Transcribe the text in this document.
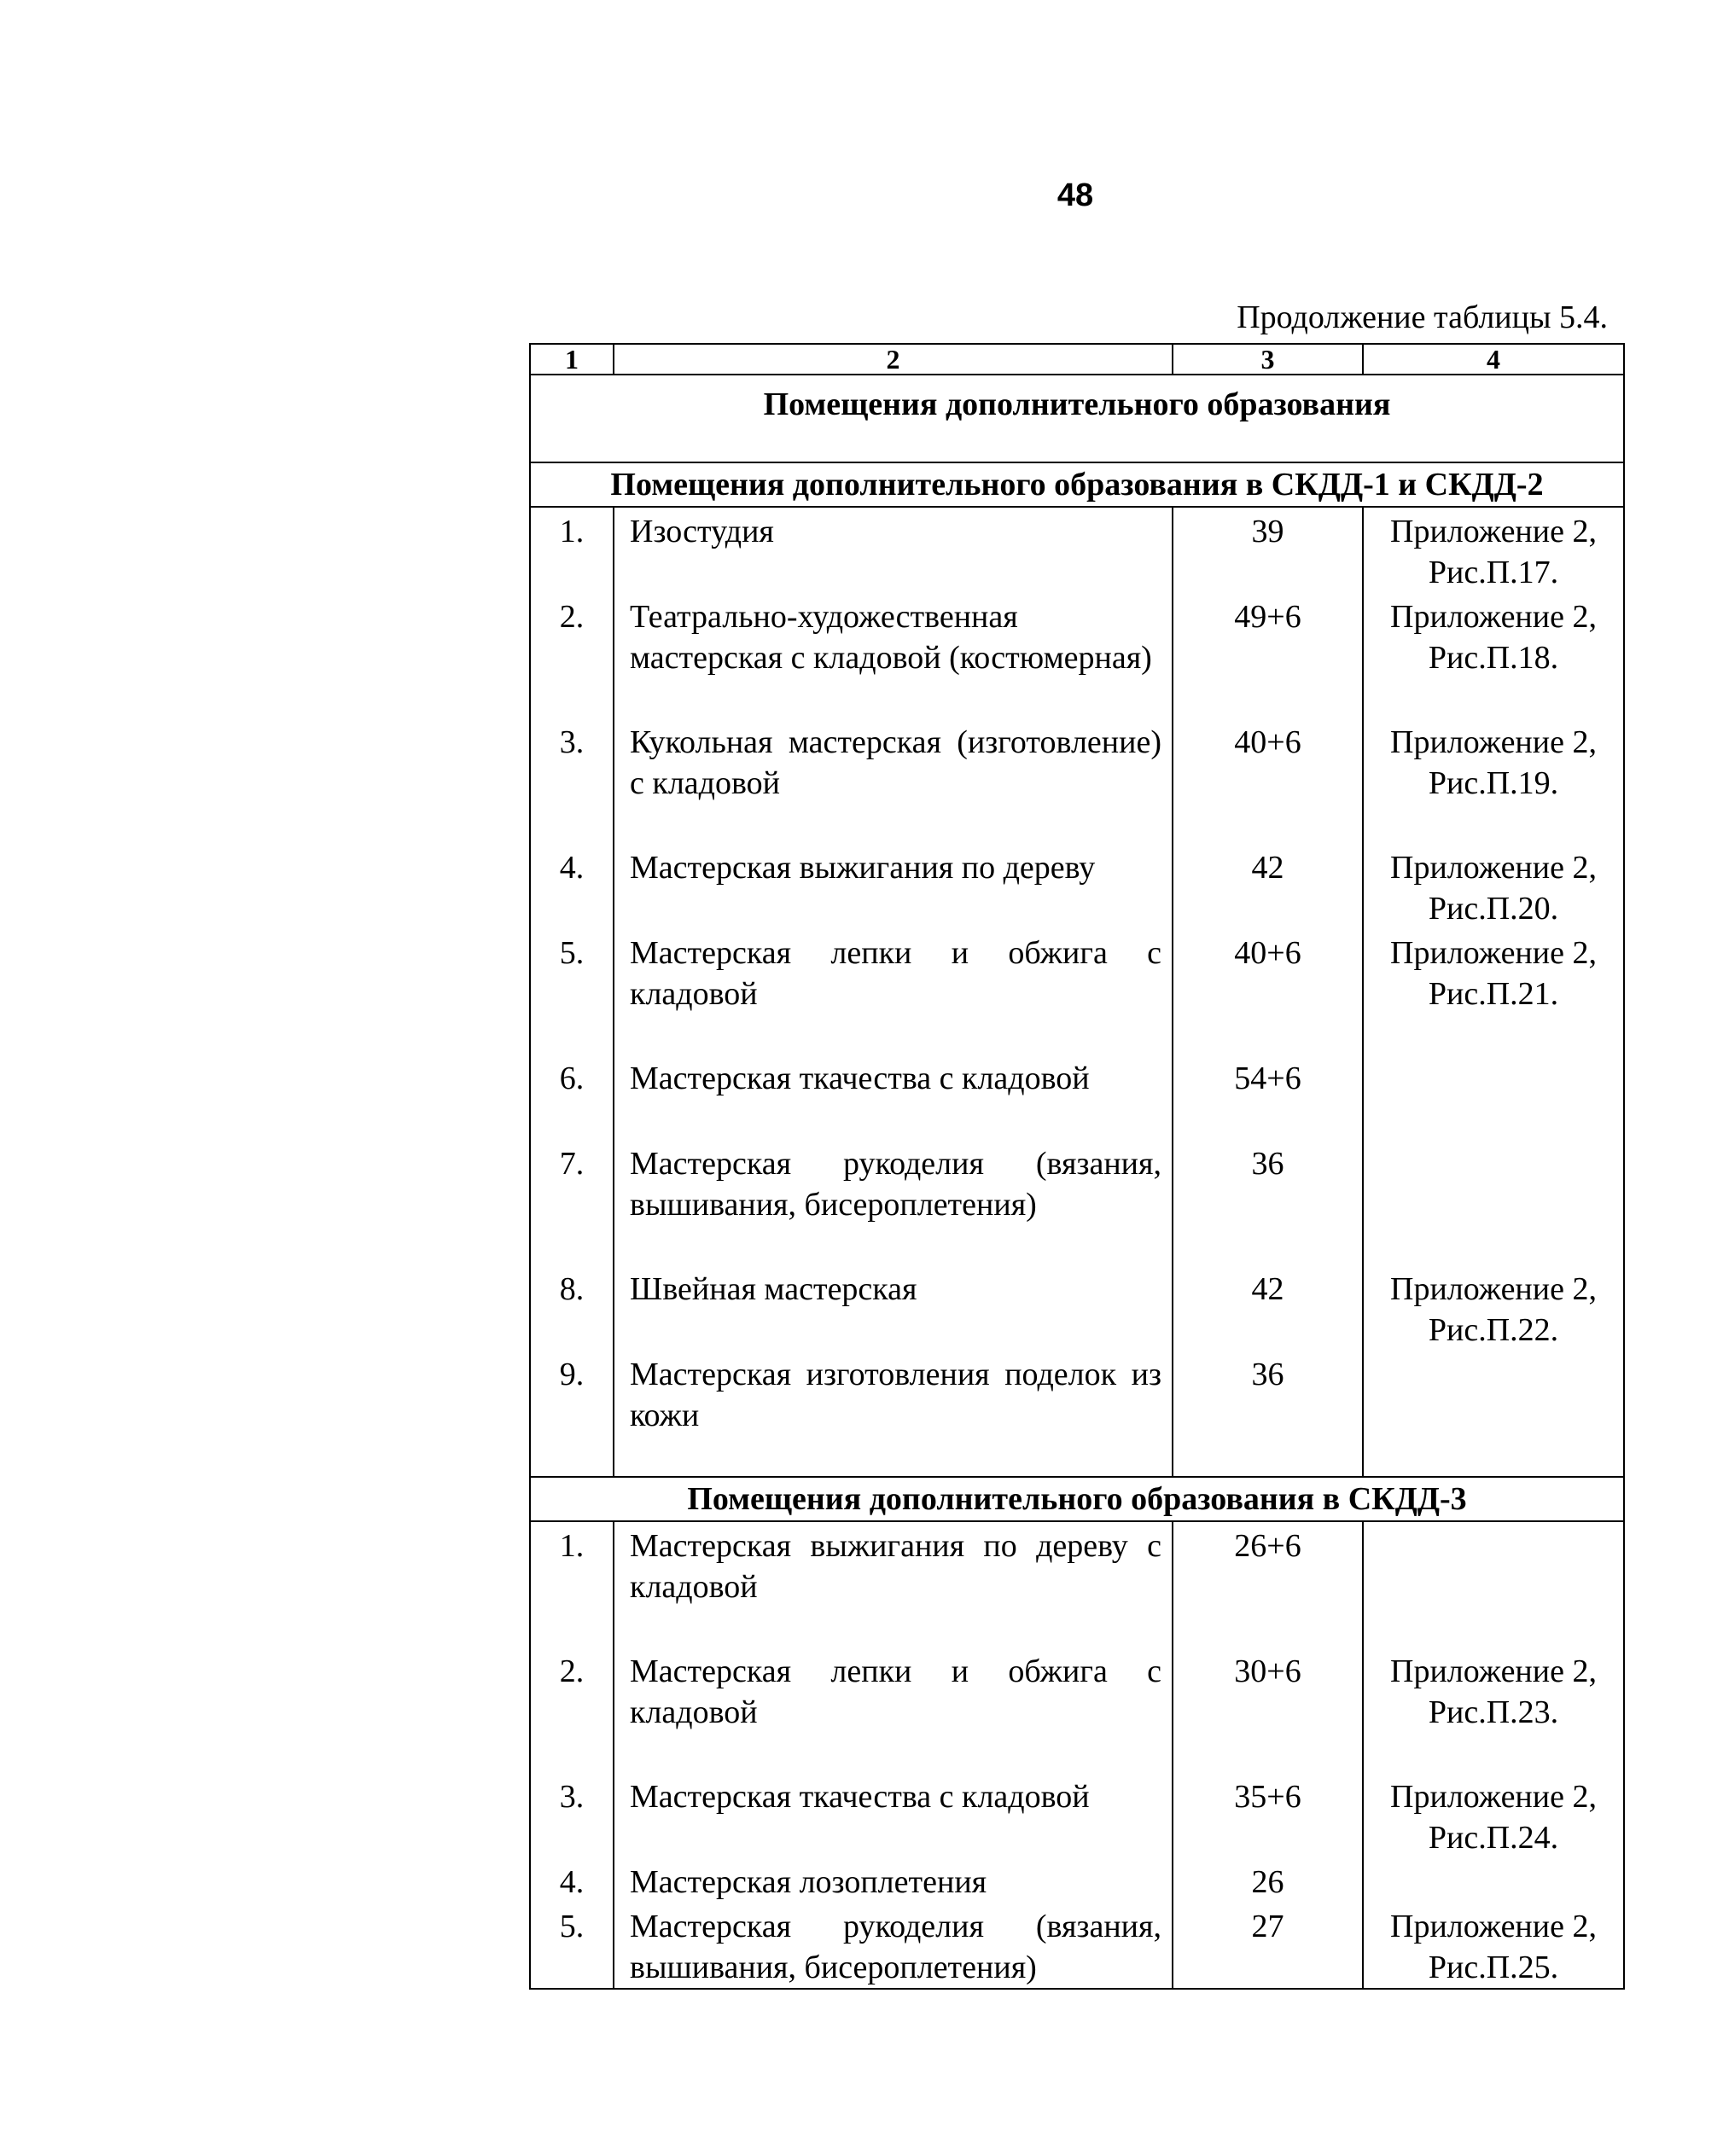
48
Продолжение таблицы 5.4.
1	2	3	4
Помещения дополнительного образования			
Помещения дополнительного образования в СКДД-1 и СКДД-2			
1.	Изостудия	39	Приложение 2,
Рис.П.17.

2.	Театрально-художественная мастерская с кладовой (костюмерная)	49+6	Приложение 2,
Рис.П.18.

3.	Кукольная мастерская (изготовление) с кладовой	40+6	Приложение 2,
Рис.П.19.

4.	Мастерская выжигания по дереву	42	Приложение 2,
Рис.П.20.

5.	Мастерская лепки и обжига с кладовой	40+6	Приложение 2,
Рис.П.21.

6.	Мастерская ткачества с кладовой	54+6	

7.	Мастерская рукоделия (вязания, вышивания, бисероплетения)	36	

8.	Швейная мастерская	42	Приложение 2,
Рис.П.22.

9.	Мастерская изготовления поделок из кожи	36	

Помещения дополнительного образования в СКДД-3			
1.	Мастерская выжигания по дереву с кладовой	26+6	

2.	Мастерская лепки и обжига с кладовой	30+6	Приложение 2,
Рис.П.23.

3.	Мастерская ткачества с кладовой	35+6	Приложение 2,
Рис.П.24.

4.	Мастерская лозоплетения	26	

5.	Мастерская рукоделия (вязания, вышивания, бисероплетения)	27	Приложение 2,
Рис.П.25.
